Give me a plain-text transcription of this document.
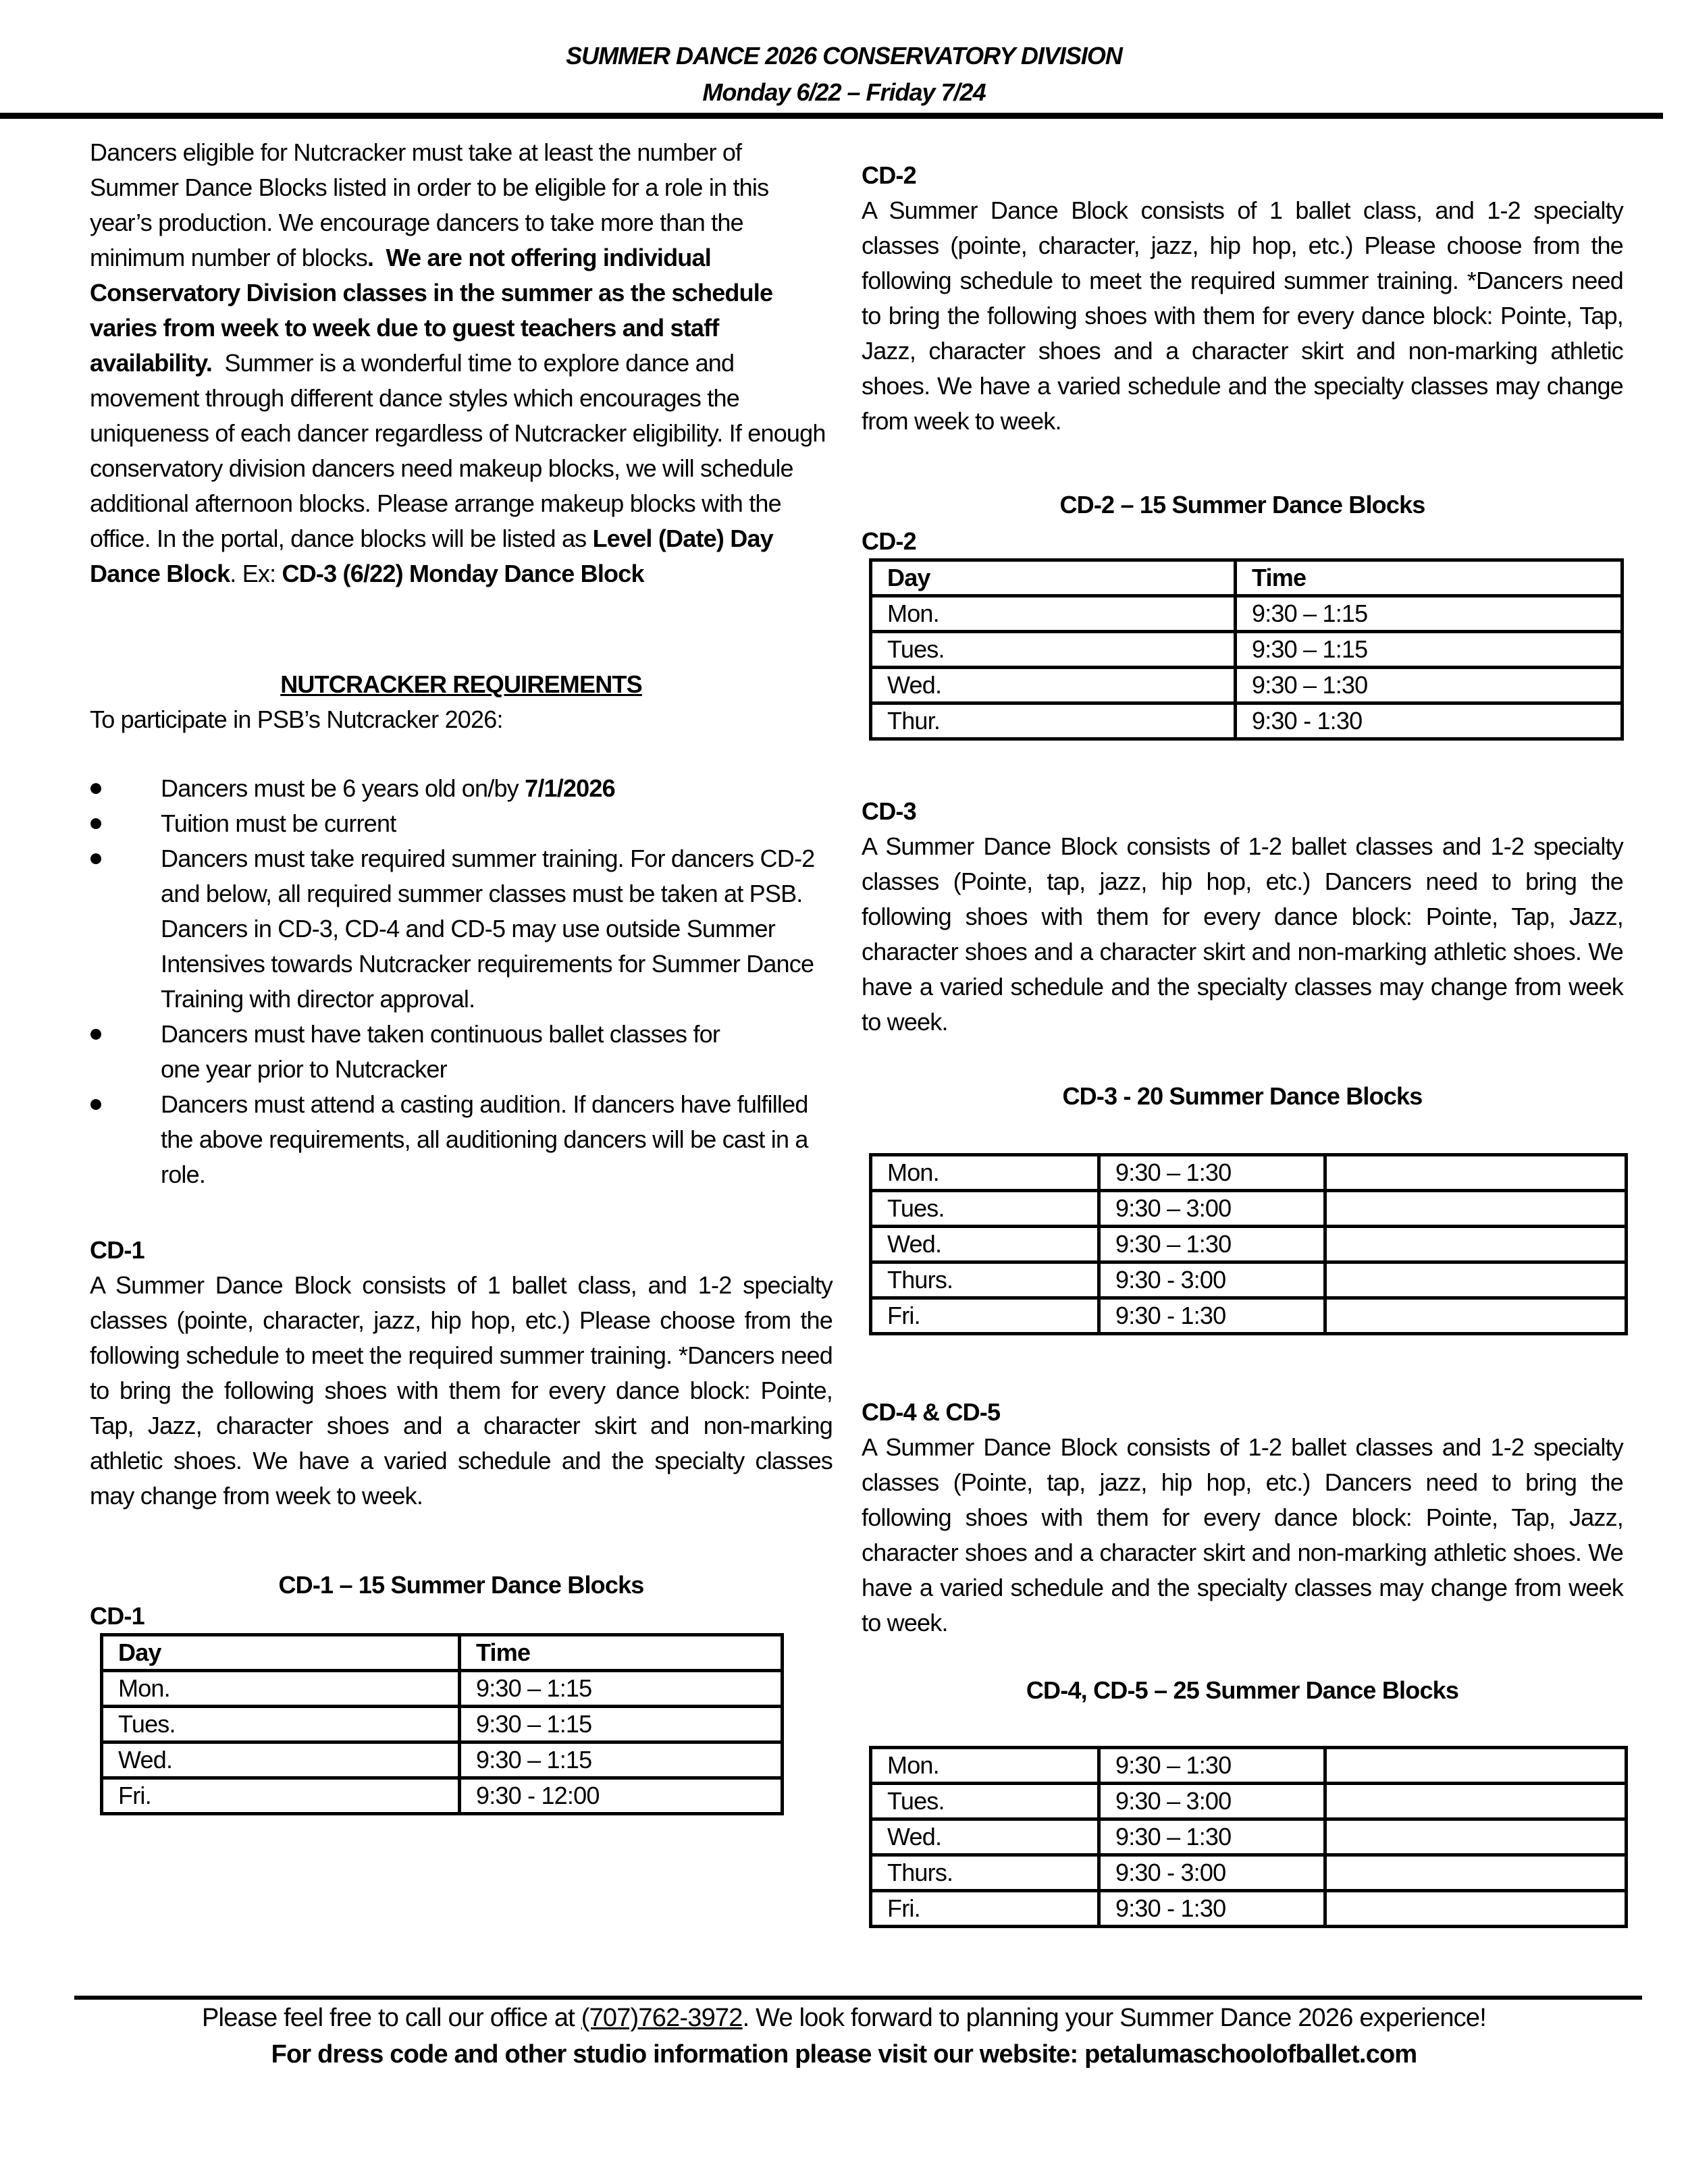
SUMMER DANCE 2026 CONSERVATORY DIVISION
Monday 6/22 – Friday 7/24
Dancers eligible for Nutcracker must take at least the number of Summer Dance Blocks listed in order to be eligible for a role in this year’s production. We encourage dancers to take more than the minimum number of blocks. We are not offering individual Conservatory Division classes in the summer as the schedule varies from week to week due to guest teachers and staff availability. Summer is a wonderful time to explore dance and movement through different dance styles which encourages the uniqueness of each dancer regardless of Nutcracker eligibility. If enough conservatory division dancers need makeup blocks, we will schedule additional afternoon blocks. Please arrange makeup blocks with the office. In the portal, dance blocks will be listed as Level (Date) Day Dance Block. Ex: CD-3 (6/22) Monday Dance Block
NUTCRACKER REQUIREMENTS
To participate in PSB’s Nutcracker 2026:
Dancers must be 6 years old on/by 7/1/2026
Tuition must be current
Dancers must take required summer training. For dancers CD-2 and below, all required summer classes must be taken at PSB. Dancers in CD-3, CD-4 and CD-5 may use outside Summer Intensives towards Nutcracker requirements for Summer Dance Training with director approval.
Dancers must have taken continuous ballet classes for one year prior to Nutcracker
Dancers must attend a casting audition. If dancers have fulfilled the above requirements, all auditioning dancers will be cast in a role.
CD-1
A Summer Dance Block consists of 1 ballet class, and 1-2 specialty classes (pointe, character, jazz, hip hop, etc.) Please choose from the following schedule to meet the required summer training. *Dancers need to bring the following shoes with them for every dance block: Pointe, Tap, Jazz, character shoes and a character skirt and non-marking athletic shoes. We have a varied schedule and the specialty classes may change from week to week.
CD-1 – 15 Summer Dance Blocks
CD-1
Day	Time
Mon.	9:30 – 1:15
Tues.	9:30 – 1:15
Wed.	9:30 – 1:15
Fri.	9:30 - 12:00
CD-2
A Summer Dance Block consists of 1 ballet class, and 1-2 specialty classes (pointe, character, jazz, hip hop, etc.) Please choose from the following schedule to meet the required summer training. *Dancers need to bring the following shoes with them for every dance block: Pointe, Tap, Jazz, character shoes and a character skirt and non-marking athletic shoes. We have a varied schedule and the specialty classes may change from week to week.
CD-2 – 15 Summer Dance Blocks
CD-2
Day	Time
Mon.	9:30 – 1:15
Tues.	9:30 – 1:15
Wed.	9:30 – 1:30
Thur.	9:30 - 1:30
CD-3
A Summer Dance Block consists of 1-2 ballet classes and 1-2 specialty classes (Pointe, tap, jazz, hip hop, etc.) Dancers need to bring the following shoes with them for every dance block: Pointe, Tap, Jazz, character shoes and a character skirt and non-marking athletic shoes. We have a varied schedule and the specialty classes may change from week to week.
CD-3 - 20 Summer Dance Blocks
Mon.	9:30 – 1:30	
Tues.	9:30 – 3:00	
Wed.	9:30 – 1:30	
Thurs.	9:30 - 3:00	
Fri.	9:30 - 1:30	
CD-4 & CD-5
A Summer Dance Block consists of 1-2 ballet classes and 1-2 specialty classes (Pointe, tap, jazz, hip hop, etc.) Dancers need to bring the following shoes with them for every dance block: Pointe, Tap, Jazz, character shoes and a character skirt and non-marking athletic shoes. We have a varied schedule and the specialty classes may change from week to week.
CD-4, CD-5 – 25 Summer Dance Blocks
Mon.	9:30 – 1:30	
Tues.	9:30 – 3:00	
Wed.	9:30 – 1:30	
Thurs.	9:30 - 3:00	
Fri.	9:30 - 1:30	
Please feel free to call our office at (707)762-3972. We look forward to planning your Summer Dance 2026 experience!
For dress code and other studio information please visit our website: petalumaschoolofballet.com
